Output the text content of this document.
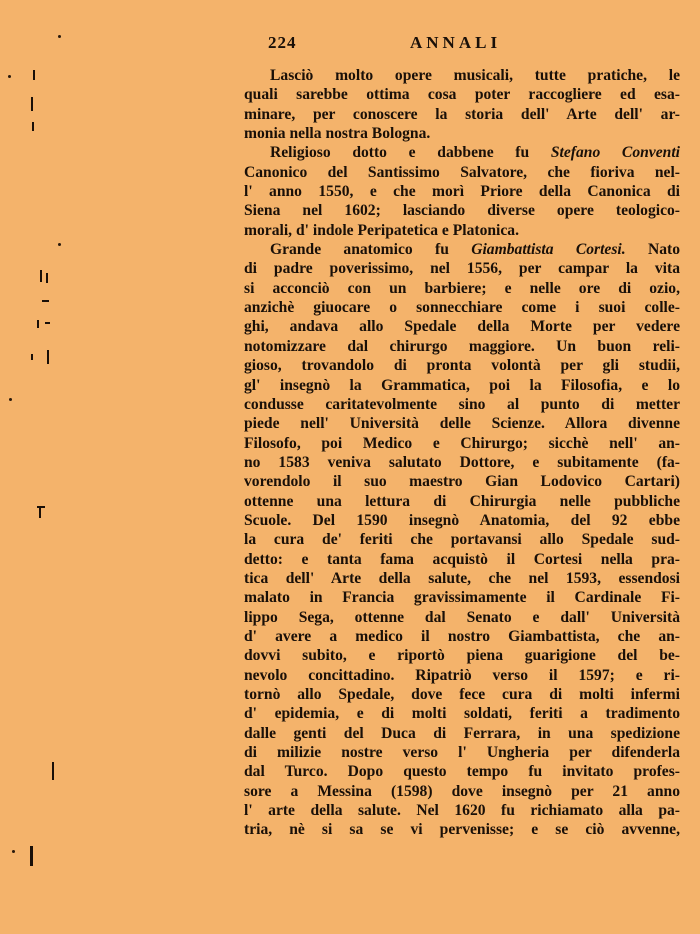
224	ANNALI
Lasciò molto opere musicali, tutte pratiche, le
quali sarebbe ottima cosa poter raccogliere ed esa-
minare, per conoscere la storia dell' Arte dell' ar-
monia nella nostra Bologna.
Religioso dotto e dabbene fu Stefano Conventi
Canonico del Santissimo Salvatore, che fioriva nel-
l' anno 1550, e che morì Priore della Canonica di
Siena nel 1602; lasciando diverse opere teologico-
morali, d' indole Peripatetica e Platonica.
Grande anatomico fu Giambattista Cortesi. Nato
di padre poverissimo, nel 1556, per campar la vita
si acconciò con un barbiere; e nelle ore di ozio,
anzichè giuocare o sonnecchiare come i suoi colle-
ghi, andava allo Spedale della Morte per vedere
notomizzare dal chirurgo maggiore. Un buon reli-
gioso, trovandolo di pronta volontà per gli studii,
gl' insegnò la Grammatica, poi la Filosofia, e lo
condusse caritatevolmente sino al punto di metter
piede nell' Università delle Scienze. Allora divenne
Filosofo, poi Medico e Chirurgo; sicchè nell' an-
no 1583 veniva salutato Dottore, e subitamente (fa-
vorendolo il suo maestro Gian Lodovico Cartari)
ottenne una lettura di Chirurgia nelle pubbliche
Scuole. Del 1590 insegnò Anatomia, del 92 ebbe
la cura de' feriti che portavansi allo Spedale sud-
detto: e tanta fama acquistò il Cortesi nella pra-
tica dell' Arte della salute, che nel 1593, essendosi
malato in Francia gravissimamente il Cardinale Fi-
lippo Sega, ottenne dal Senato e dall' Università
d' avere a medico il nostro Giambattista, che an-
dovvi subito, e riportò piena guarigione del be-
nevolo concittadino. Ripatriò verso il 1597; e ri-
tornò allo Spedale, dove fece cura di molti infermi
d' epidemia, e di molti soldati, feriti a tradimento
dalle genti del Duca di Ferrara, in una spedizione
di milizie nostre verso l' Ungheria per difenderla
dal Turco. Dopo questo tempo fu invitato profes-
sore a Messina (1598) dove insegnò per 21 anno
l' arte della salute. Nel 1620 fu richiamato alla pa-
tria, nè si sa se vi pervenisse; e se ciò avvenne,
